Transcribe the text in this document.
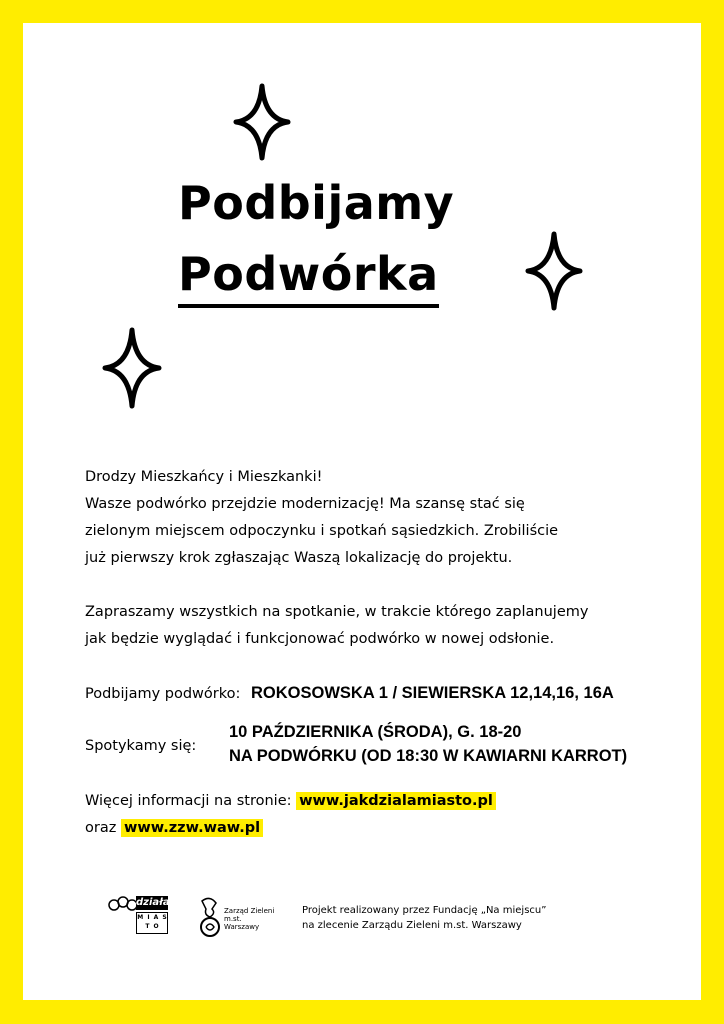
Podbijamy
Podwórka
Drodzy Mieszkańcy i Mieszkanki!
Wasze podwórko przejdzie modernizację! Ma szansę stać się
zielonym miejscem odpoczynku i spotkań sąsiedzkich. Zrobiliście
już pierwszy krok zgłaszając Waszą lokalizację do projektu.
Zapraszamy wszystkich na spotkanie, w trakcie którego zaplanujemy
jak będzie wyglądać i funkcjonować podwórko w nowej odsłonie.
Podbijamy podwórko: ROKOSOWSKA 1 / SIEWIERSKA 12,14,16, 16A
Spotykamy się:
10 PAŹDZIERNIKA (ŚRODA), G. 18-20
NA PODWÓRKU (OD 18:30 W KAWIARNI KARROT)
Więcej informacji na stronie: www.jakdzialamiasto.pl
oraz www.zzw.waw.pl
działa
M I A S T O
Zarząd Zieleni
m.st. Warszawy
Projekt realizowany przez Fundację „Na miejscu”
na zlecenie Zarządu Zieleni m.st. Warszawy
